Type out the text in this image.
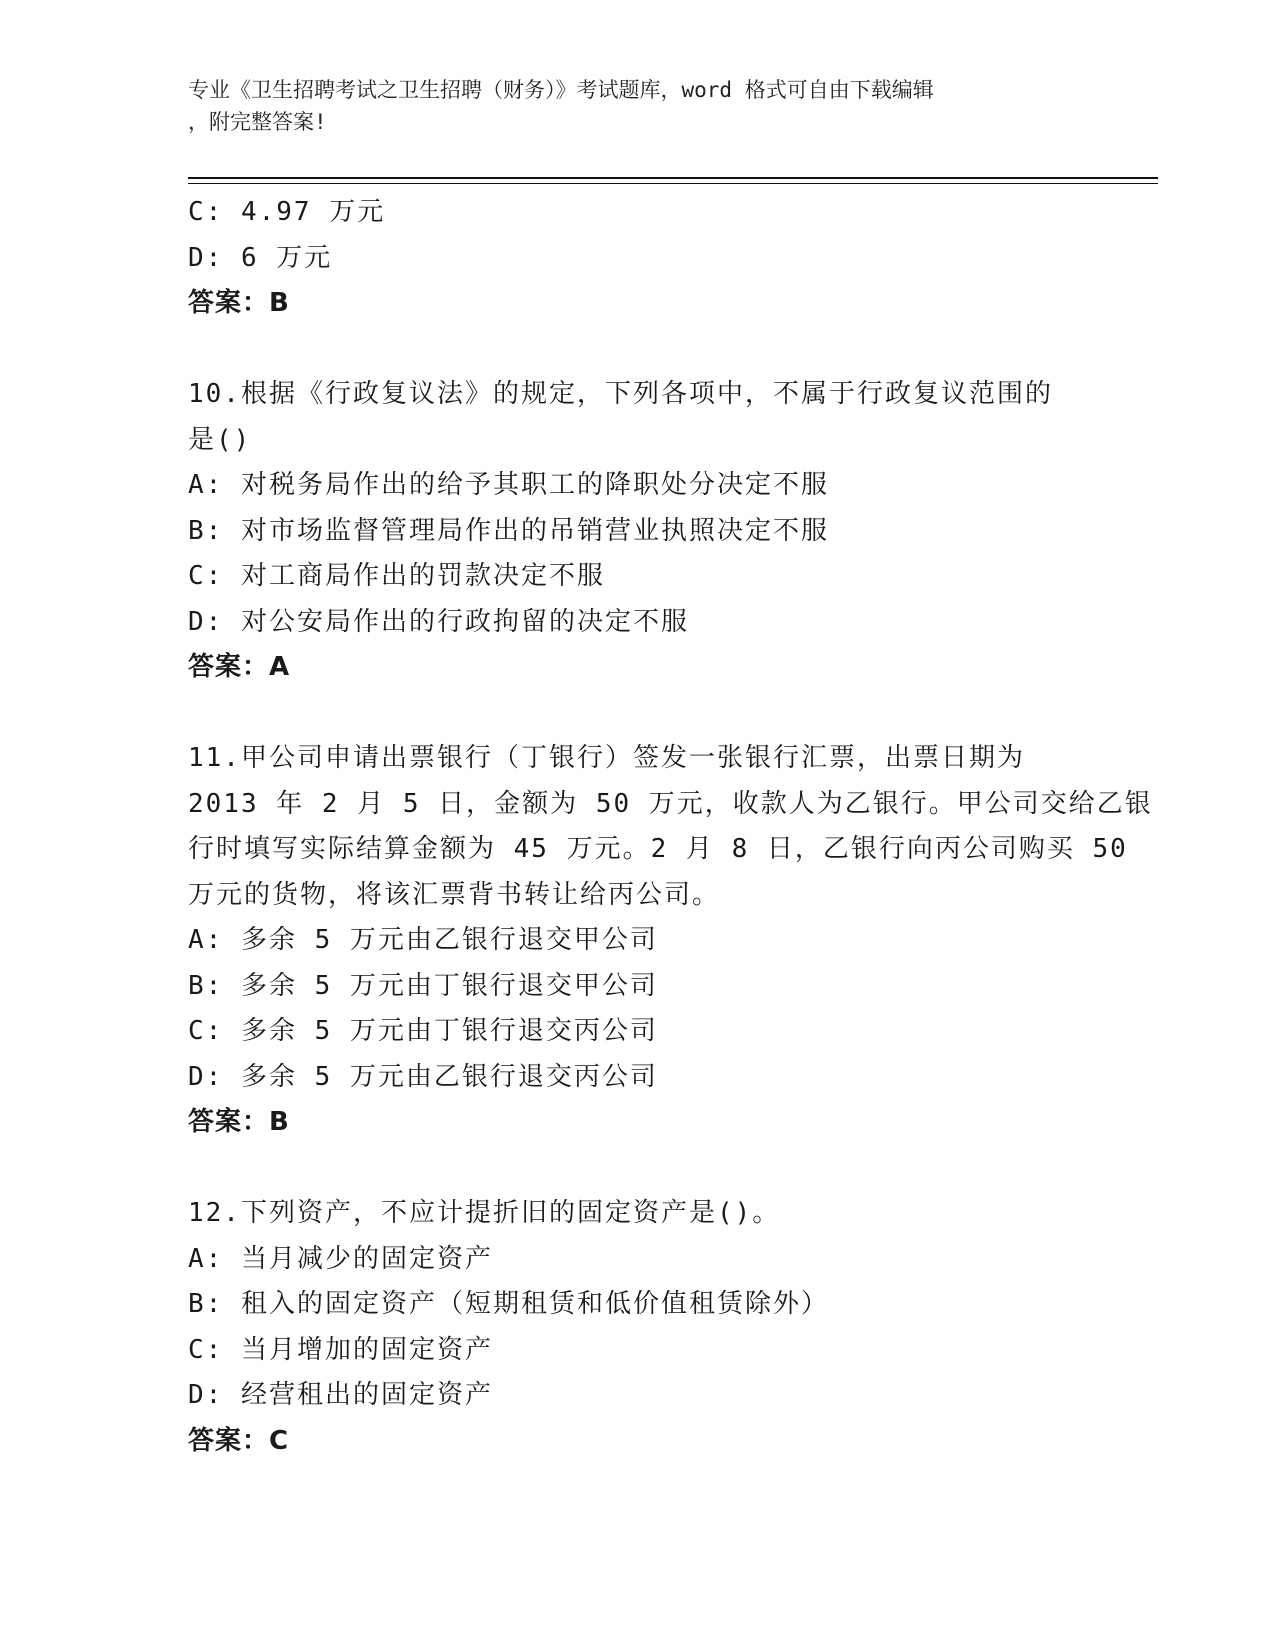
专业《卫生招聘考试之卫生招聘（财务）》考试题库，word 格式可自由下载编辑
，附完整答案!
C: 4.97 万元
D: 6 万元
答案：B
10.根据《行政复议法》的规定，下列各项中，不属于行政复议范围的
是()
A: 对税务局作出的给予其职工的降职处分决定不服
B: 对市场监督管理局作出的吊销营业执照决定不服
C: 对工商局作出的罚款决定不服
D: 对公安局作出的行政拘留的决定不服
答案：A
11.甲公司申请出票银行（丁银行）签发一张银行汇票，出票日期为
2013 年 2 月 5 日，金额为 50 万元，收款人为乙银行。甲公司交给乙银
行时填写实际结算金额为 45 万元。2 月 8 日，乙银行向丙公司购买 50
万元的货物，将该汇票背书转让给丙公司。
A: 多余 5 万元由乙银行退交甲公司
B: 多余 5 万元由丁银行退交甲公司
C: 多余 5 万元由丁银行退交丙公司
D: 多余 5 万元由乙银行退交丙公司
答案：B
12.下列资产，不应计提折旧的固定资产是()。
A: 当月减少的固定资产
B: 租入的固定资产（短期租赁和低价值租赁除外）
C: 当月增加的固定资产
D: 经营租出的固定资产
答案：C
